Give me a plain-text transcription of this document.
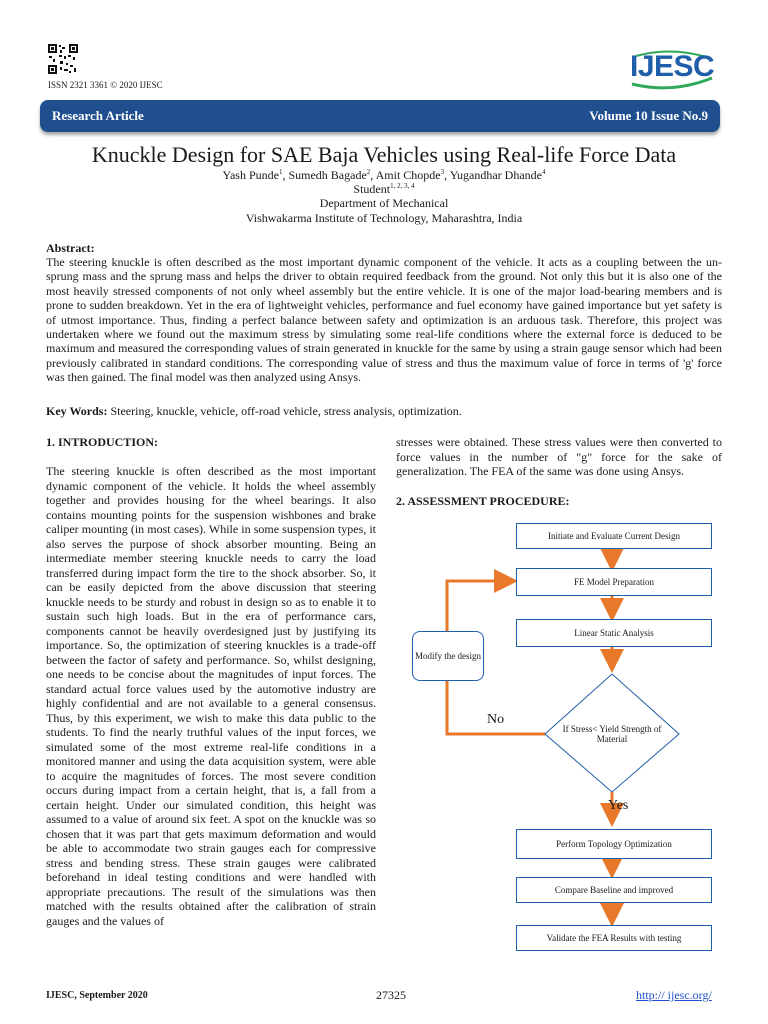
ISSN 2321 3361 © 2020 IJESC
IJESC
Research Article	Volume 10 Issue No.9
Knuckle Design for SAE Baja Vehicles using Real-life Force Data
Yash Punde$^1$, Sumedh Bagade$^2$, Amit Chopde$^3$, Yugandhar Dhande$^4$
Student$^{1, 2, 3, 4}$
Department of Mechanical
Vishwakarma Institute of Technology, Maharashtra, India
Abstract:
The steering knuckle is often described as the most important dynamic component of the vehicle. It acts as a coupling between the un-sprung mass and the sprung mass and helps the driver to obtain required feedback from the ground. Not only this but it is also one of the most heavily stressed components of not only wheel assembly but the entire vehicle. It is one of the major load-bearing members and is prone to sudden breakdown. Yet in the era of lightweight vehicles, performance and fuel economy have gained importance but yet safety is of utmost importance. Thus, finding a perfect balance between safety and optimization is an arduous task. Therefore, this project was undertaken where we found out the maximum stress by simulating some real-life conditions where the external force is deduced to be maximum and measured the corresponding values of strain generated in knuckle for the same by using a strain gauge sensor which had been previously calibrated in standard conditions. The corresponding value of stress and thus the maximum value of force in terms of 'g' force was then gained. The final model was then analyzed using Ansys.
Key Words: Steering, knuckle, vehicle, off-road vehicle, stress analysis, optimization.
1. INTRODUCTION:
The steering knuckle is often described as the most important dynamic component of the vehicle. It holds the wheel assembly together and provides housing for the wheel bearings. It also contains mounting points for the suspension wishbones and brake caliper mounting (in most cases). While in some suspension types, it also serves the purpose of shock absorber mounting. Being an intermediate member steering knuckle needs to carry the load transferred during impact form the tire to the shock absorber. So, it can be easily depicted from the above discussion that steering knuckle needs to be sturdy and robust in design so as to enable it to sustain such high loads. But in the era of performance cars, components cannot be heavily overdesigned just by justifying its importance. So, the optimization of steering knuckles is a trade-off between the factor of safety and performance. So, whilst designing, one needs to be concise about the magnitudes of input forces. The standard actual force values used by the automotive industry are highly confidential and are not available to a general consensus. Thus, by this experiment, we wish to make this data public to the students. To find the nearly truthful values of the input forces, we simulated some of the most extreme real-life conditions in a monitored manner and using the data acquisition system, were able to acquire the magnitudes of forces. The most severe condition occurs during impact from a certain height, that is, a fall from a certain height. Under our simulated condition, this height was assumed to a value of around six feet. A spot on the knuckle was so chosen that it was part that gets maximum deformation and would be able to accommodate two strain gauges each for compressive stress and bending stress. These strain gauges were calibrated beforehand in ideal testing conditions and were handled with appropriate precautions. The result of the simulations was then matched with the results obtained after the calibration of strain gauges and the values of
stresses were obtained. These stress values were then converted to force values in the number of "g" force for the sake of generalization. The FEA of the same was done using Ansys.
2. ASSESSMENT PROCEDURE:
Initiate and Evaluate Current Design
FE Model Preparation
Linear Static Analysis
If Stress< Yield Strength of Material
Modify the design
No
Yes
Perform Topology Optimization
Compare Baseline and improved
Validate the FEA Results with testing
IJESC, September 2020	27325	http:// ijesc.org/
